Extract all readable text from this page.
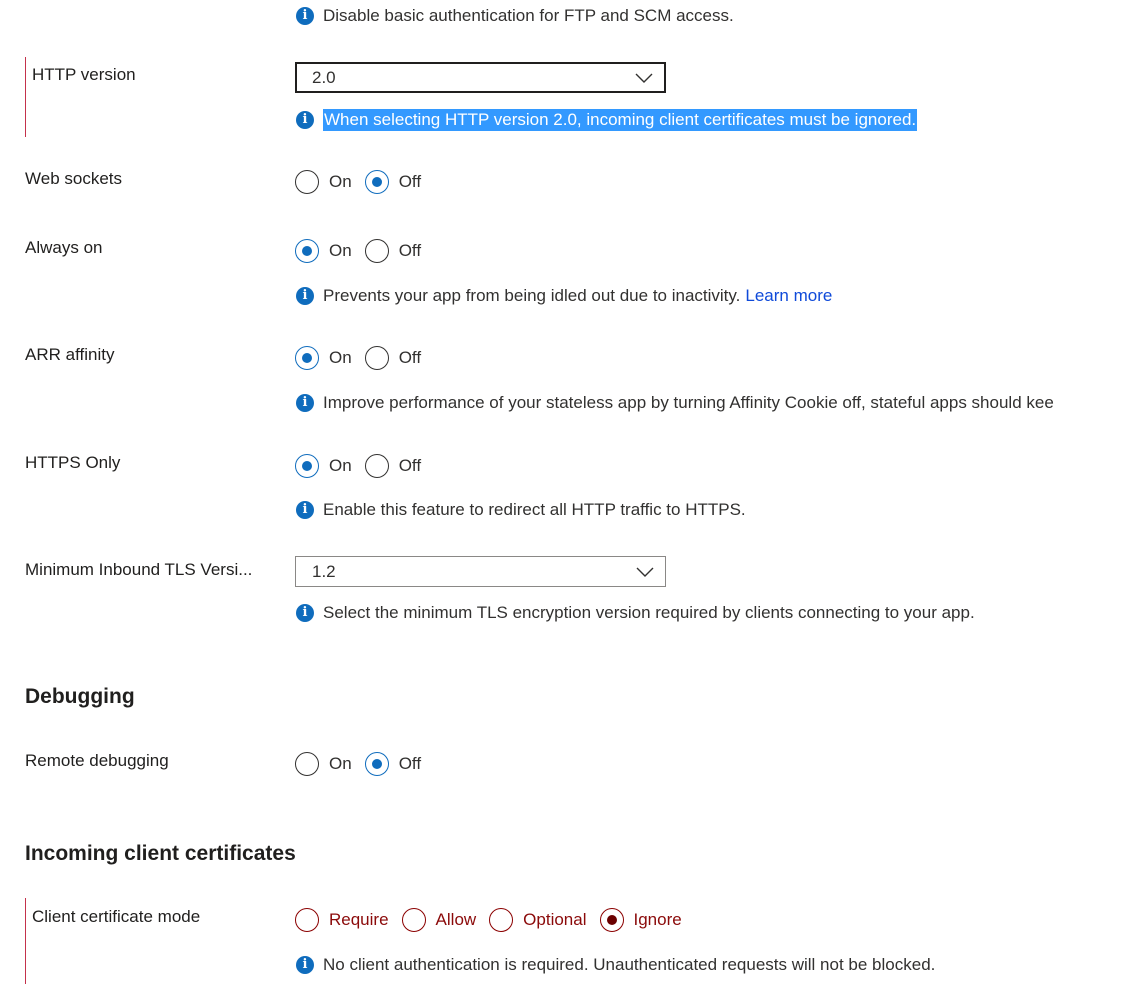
i Disable basic authentication for FTP and SCM access.
HTTP version	2.0
i When selecting HTTP version 2.0, incoming client certificates must be ignored.
Web sockets	On	Off
Always on	On	Off
i Prevents your app from being idled out due to inactivity. Learn more
ARR affinity	On	Off
i Improve performance of your stateless app by turning Affinity Cookie off, stateful apps should kee
HTTPS Only	On	Off
i Enable this feature to redirect all HTTP traffic to HTTPS.
Minimum Inbound TLS Versi...	1.2
i Select the minimum TLS encryption version required by clients connecting to your app.
Debugging
Remote debugging	On	Off
Incoming client certificates
Client certificate mode	Require	Allow	Optional	Ignore
i No client authentication is required. Unauthenticated requests will not be blocked.
